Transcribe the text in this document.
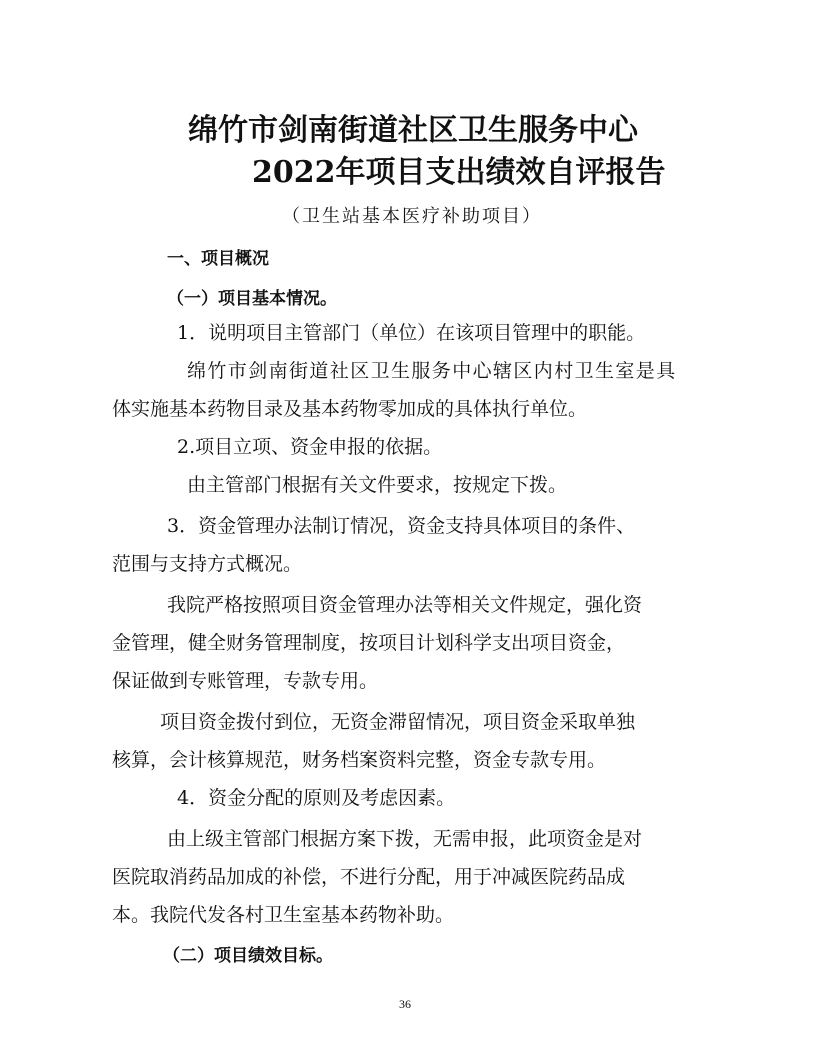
绵竹市剑南街道社区卫生服务中心
2022年项目支出绩效自评报告
（卫生站基本医疗补助项目）
一、项目概况
（一）项目基本情况。
1．说明项目主管部门（单位）在该项目管理中的职能。
绵竹市剑南街道社区卫生服务中心辖区内村卫生室是具
体实施基本药物目录及基本药物零加成的具体执行单位。
2.项目立项、资金申报的依据。
由主管部门根据有关文件要求，按规定下拨。
3．资金管理办法制订情况，资金支持具体项目的条件、
范围与支持方式概况。
我院严格按照项目资金管理办法等相关文件规定，强化资
金管理，健全财务管理制度，按项目计划科学支出项目资金，
保证做到专账管理，专款专用。
项目资金拨付到位，无资金滞留情况，项目资金采取单独
核算，会计核算规范，财务档案资料完整，资金专款专用。
4．资金分配的原则及考虑因素。
由上级主管部门根据方案下拨，无需申报，此项资金是对
医院取消药品加成的补偿，不进行分配，用于冲减医院药品成
本。我院代发各村卫生室基本药物补助。
（二）项目绩效目标。
36
